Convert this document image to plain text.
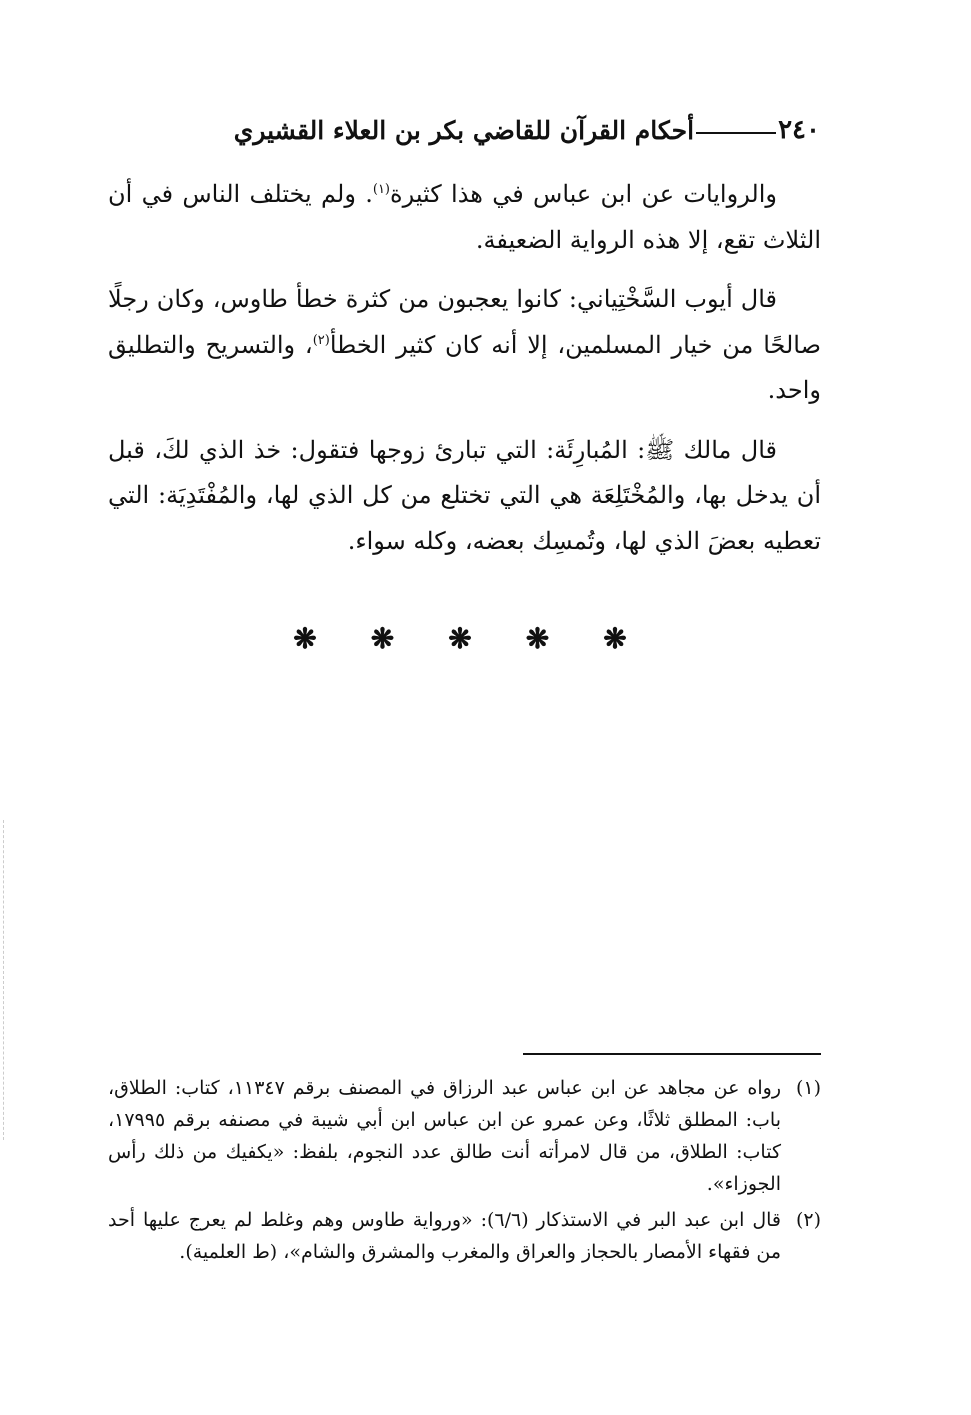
٢٤٠
أحكام القرآن للقاضي بكر بن العلاء القشيري

والروايات عن ابن عباس في هذا كثيرة$^{(١)}$. ولم يختلف الناس في أن الثلاث تقع، إلا هذه الرواية الضعيفة.

قال أيوب السَّخْتِياني: كانوا يعجبون من كثرة خطأ طاوس، وكان رجلًا صالحًا من خيار المسلمين، إلا أنه كان كثير الخطأ$^{(٢)}$، والتسريح والتطليق واحد.

قال مالك ﷺ: المُبارِئَة: التي تبارئ زوجها فتقول: خذ الذي لكَ، قبل أن يدخل بها، والمُخْتَلِعَة هي التي تختلع من كل الذي لها، والمُفْتَدِيَة: التي تعطيه بعضَ الذي لها، وتُمسِك بعضه، وكله سواء.

❋ ❋ ❋ ❋ ❋

(١)
رواه عن مجاهد عن ابن عباس عبد الرزاق في المصنف برقم ١١٣٤٧، كتاب: الطلاق، باب: المطلق ثلاثًا، وعن عمرو عن ابن عباس ابن أبي شيبة في مصنفه برقم ١٧٩٩٥، كتاب: الطلاق، من قال لامرأته أنت طالق عدد النجوم، بلفظ: «يكفيك من ذلك رأس الجوزاء».

(٢)
قال ابن عبد البر في الاستذكار (٦/٦): «ورواية طاوس وهم وغلط لم يعرج عليها أحد من فقهاء الأمصار بالحجاز والعراق والمغرب والمشرق والشام»، (ط العلمية).
